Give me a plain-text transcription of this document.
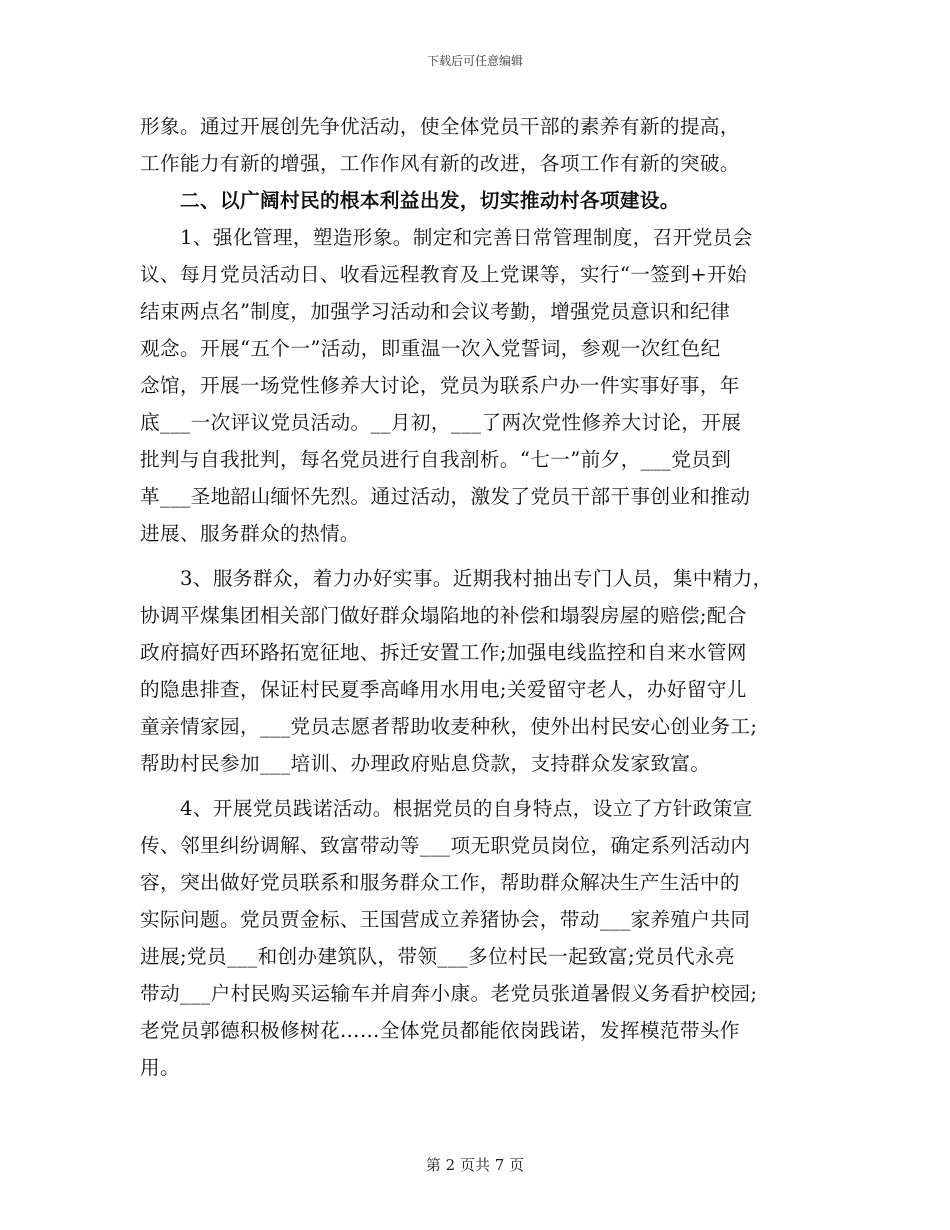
下载后可任意编辑
形象。通过开展创先争优活动，使全体党员干部的素养有新的提高，
工作能力有新的增强，工作作风有新的改进，各项工作有新的突破。
　　二、以广阔村民的根本利益出发，切实推动村各项建设。
　　1、强化管理，塑造形象。制定和完善日常管理制度，召开党员会
议、每月党员活动日、收看远程教育及上党课等，实行“一签到+开始
结束两点名”制度，加强学习活动和会议考勤，增强党员意识和纪律
观念。开展“五个一”活动，即重温一次入党誓词，参观一次红色纪
念馆，开展一场党性修养大讨论，党员为联系户办一件实事好事，年
底___一次评议党员活动。__月初，___了两次党性修养大讨论，开展
批判与自我批判，每名党员进行自我剖析。“七一”前夕，___党员到
革___圣地韶山缅怀先烈。通过活动，激发了党员干部干事创业和推动
进展、服务群众的热情。
　　3、服务群众，着力办好实事。近期我村抽出专门人员，集中精力，
协调平煤集团相关部门做好群众塌陷地的补偿和塌裂房屋的赔偿;配合
政府搞好西环路拓宽征地、拆迁安置工作;加强电线监控和自来水管网
的隐患排查，保证村民夏季高峰用水用电;关爱留守老人，办好留守儿
童亲情家园，___党员志愿者帮助收麦种秋，使外出村民安心创业务工;
帮助村民参加___培训、办理政府贴息贷款，支持群众发家致富。
　　4、开展党员践诺活动。根据党员的自身特点，设立了方针政策宣
传、邻里纠纷调解、致富带动等___项无职党员岗位，确定系列活动内
容，突出做好党员联系和服务群众工作，帮助群众解决生产生活中的
实际问题。党员贾金标、王国营成立养猪协会，带动___家养殖户共同
进展;党员___和创办建筑队，带领___多位村民一起致富;党员代永亮
带动___户村民购买运输车并肩奔小康。老党员张道暑假义务看护校园;
老党员郭德积极修树花……全体党员都能依岗践诺，发挥模范带头作
用。
第 2 页共 7 页
